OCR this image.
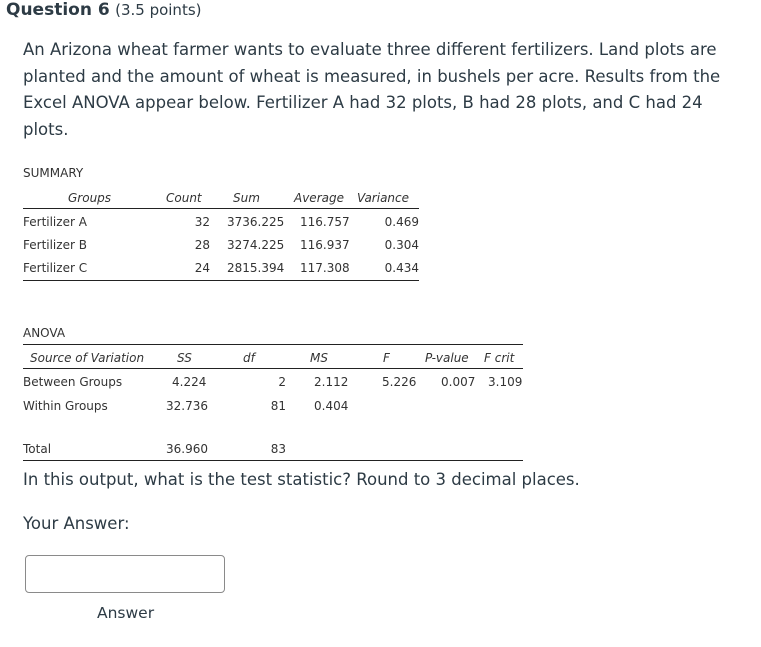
Question 6 (3.5 points)
An Arizona wheat farmer wants to evaluate three different fertilizers. Land plots are planted and the amount of wheat is measured, in bushels per acre. Results from the Excel ANOVA appear below. Fertilizer A had 32 plots, B had 28 plots, and C had 24 plots.
SUMMARY
Groups	Count	Sum	Average Variance
Fertilizer A	32 3736.225 116.757	0.469
Fertilizer B	28 3274.225 116.937	0.304
Fertilizer C	24 2815.394 117.308	0.434
ANOVA
Source of Variation	SS	df	MS	F	P-value F crit
Between Groups	4.224	2 2.112	5.226 0.007 3.109
Within Groups	32.736	81 0.404
Total	36.960	83
In this output, what is the test statistic? Round to 3 decimal places.
Your Answer:
Answer
